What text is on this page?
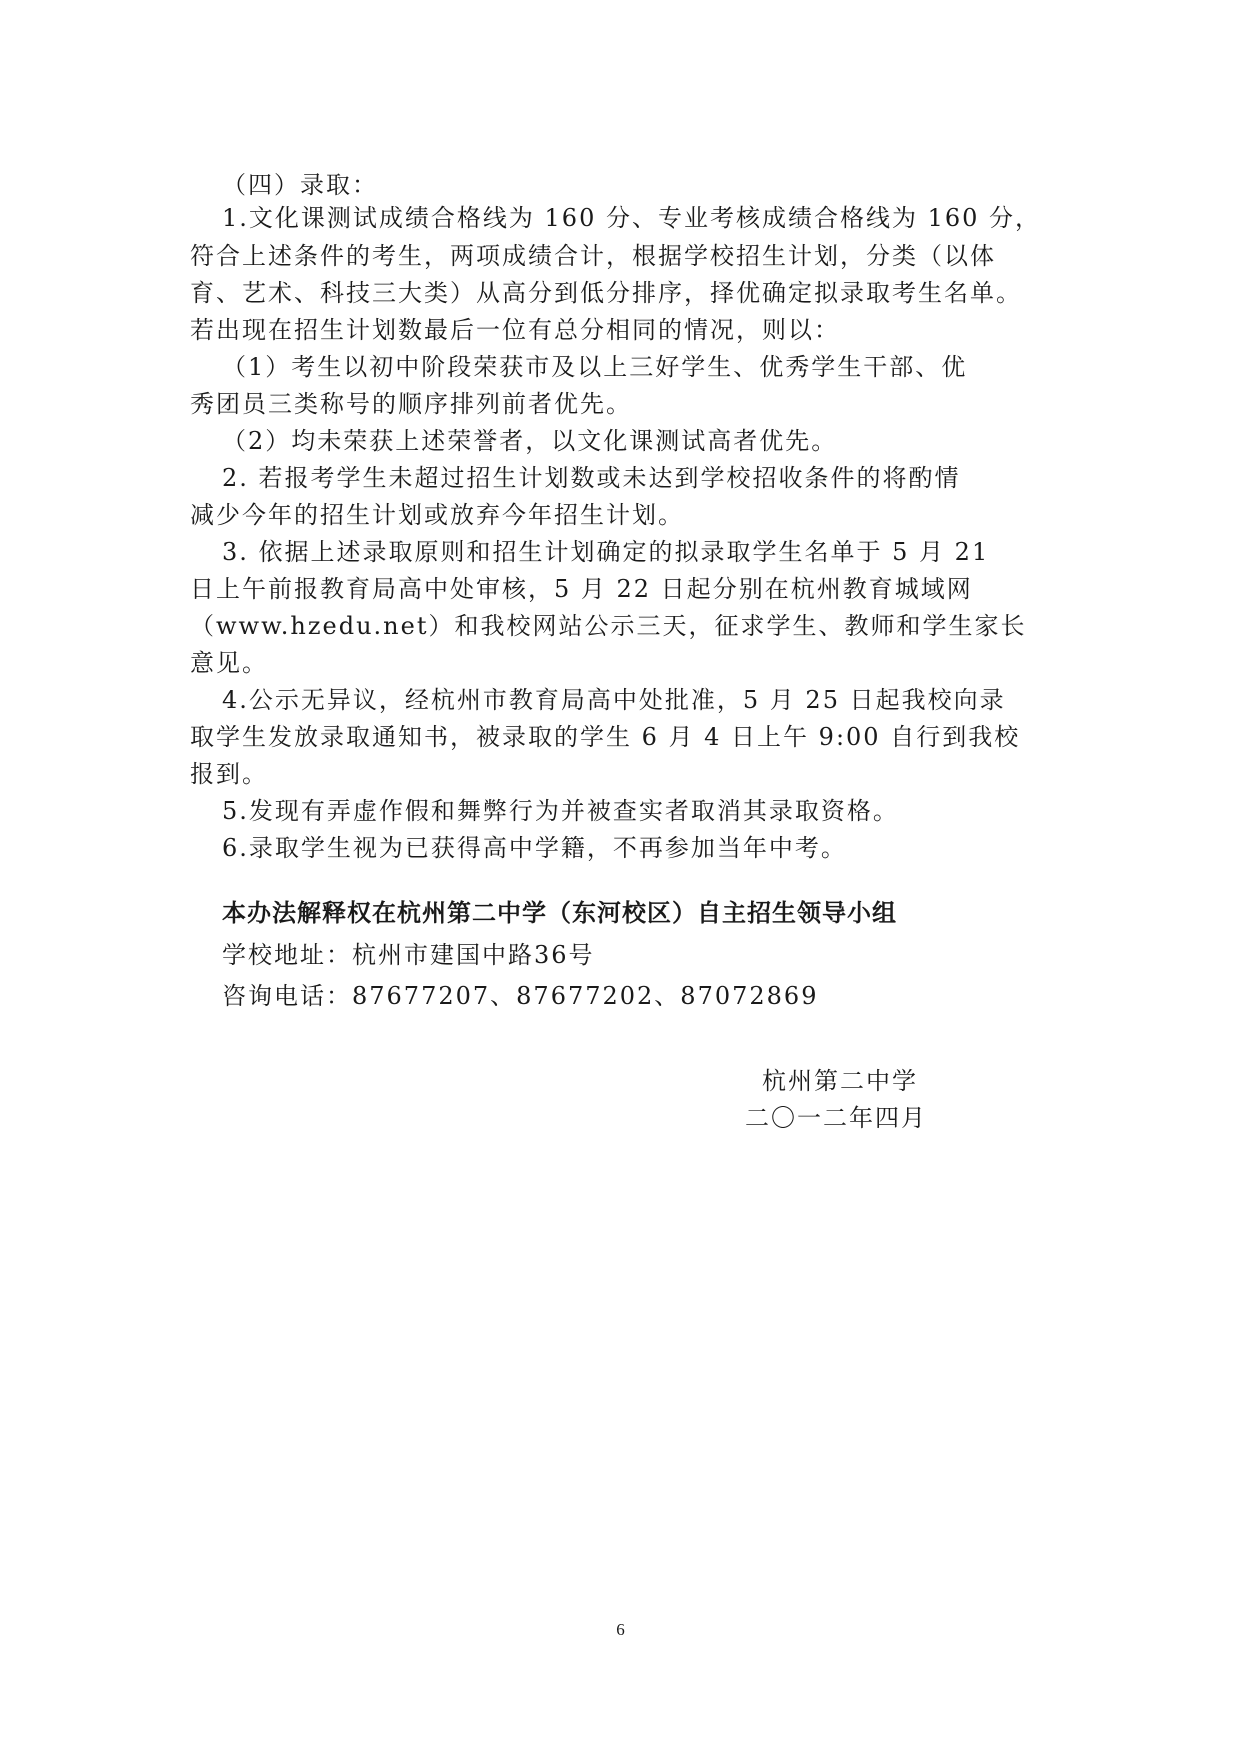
（四）录取：
1.文化课测试成绩合格线为 160 分、专业考核成绩合格线为 160 分，
符合上述条件的考生，两项成绩合计，根据学校招生计划，分类（以体
育、艺术、科技三大类）从高分到低分排序，择优确定拟录取考生名单。
若出现在招生计划数最后一位有总分相同的情况，则以：
（1）考生以初中阶段荣获市及以上三好学生、优秀学生干部、优
秀团员三类称号的顺序排列前者优先。
（2）均未荣获上述荣誉者，以文化课测试高者优先。
2. 若报考学生未超过招生计划数或未达到学校招收条件的将酌情
减少今年的招生计划或放弃今年招生计划。
3. 依据上述录取原则和招生计划确定的拟录取学生名单于 5 月 21
日上午前报教育局高中处审核，5 月 22 日起分别在杭州教育城域网
（www.hzedu.net）和我校网站公示三天，征求学生、教师和学生家长
意见。
4.公示无异议，经杭州市教育局高中处批准，5 月 25 日起我校向录
取学生发放录取通知书，被录取的学生 6 月 4 日上午 9:00 自行到我校
报到。
5.发现有弄虚作假和舞弊行为并被查实者取消其录取资格。
6.录取学生视为已获得高中学籍，不再参加当年中考。
本办法解释权在杭州第二中学（东河校区）自主招生领导小组
学校地址：杭州市建国中路36号
咨询电话：87677207、87677202、87072869
杭州第二中学
二〇一二年四月
6
